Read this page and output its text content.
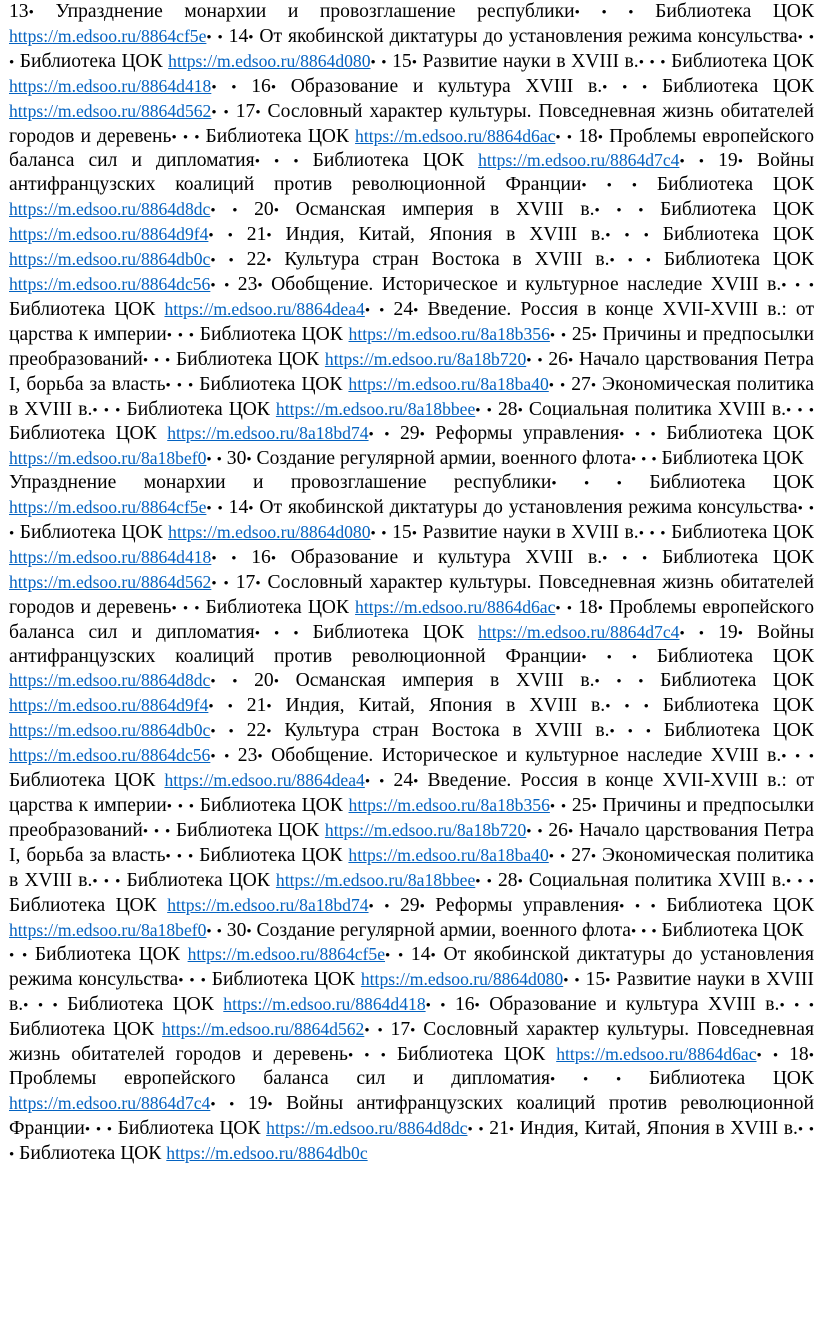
13• Упразднение монархии и провозглашение республики• • • Библиотека ЦОК https://m.edsoo.ru/8864cf5e• • 14• От якобинской диктатуры до установления режима консульства• • • Библиотека ЦОК https://m.edsoo.ru/8864d080• • 15• Развитие науки в XVIII в.• • • Библиотека ЦОК https://m.edsoo.ru/8864d418• • 16• Образование и культура XVIII в.• • • Библиотека ЦОК https://m.edsoo.ru/8864d562• • 17• Сословный характер культуры. Повседневная жизнь обитателей городов и деревень• • • Библиотека ЦОК https://m.edsoo.ru/8864d6ac• • 18• Проблемы европейского баланса сил и дипломатия• • • Библиотека ЦОК https://m.edsoo.ru/8864d7c4• • 19• Войны антифранцузских коалиций против революционной Франции• • • Библиотека ЦОК https://m.edsoo.ru/8864d8dc• • 20• Османская империя в XVIII в.• • • Библиотека ЦОК https://m.edsoo.ru/8864d9f4• • 21• Индия, Китай, Япония в XVIII в.• • • Библиотека ЦОК https://m.edsoo.ru/8864db0c• • 22• Культура стран Востока в XVIII в.• • • Библиотека ЦОК https://m.edsoo.ru/8864dc56• • 23• Обобщение. Историческое и культурное наследие XVIII в.• • • Библиотека ЦОК https://m.edsoo.ru/8864dea4• • 24• Введение. Россия в конце XVII-XVIII в.: от царства к империи• • • Библиотека ЦОК https://m.edsoo.ru/8a18b356• • 25• Причины и предпосылки преобразований• • • Библиотека ЦОК https://m.edsoo.ru/8a18b720• • 26• Начало царствования Петра I, борьба за власть• • • Библиотека ЦОК https://m.edsoo.ru/8a18ba40• • 27• Экономическая политика в XVIII в.• • • Библиотека ЦОК https://m.edsoo.ru/8a18bbee• • 28• Социальная политика XVIII в.• • • Библиотека ЦОК https://m.edsoo.ru/8a18bd74• • 29• Реформы управления• • • Библиотека ЦОК https://m.edsoo.ru/8a18bef0• • 30• Создание регулярной армии, военного флота• • • Библиотека ЦОК
Упразднение монархии и провозглашение республики• • • Библиотека ЦОК https://m.edsoo.ru/8864cf5e• • 14• От якобинской диктатуры до установления режима консульства• • • Библиотека ЦОК https://m.edsoo.ru/8864d080• • 15• Развитие науки в XVIII в.• • • Библиотека ЦОК https://m.edsoo.ru/8864d418• • 16• Образование и культура XVIII в.• • • Библиотека ЦОК https://m.edsoo.ru/8864d562• • 17• Сословный характер культуры. Повседневная жизнь обитателей городов и деревень• • • Библиотека ЦОК https://m.edsoo.ru/8864d6ac• • 18• Проблемы европейского баланса сил и дипломатия• • • Библиотека ЦОК https://m.edsoo.ru/8864d7c4• • 19• Войны антифранцузских коалиций против революционной Франции• • • Библиотека ЦОК https://m.edsoo.ru/8864d8dc• • 20• Османская империя в XVIII в.• • • Библиотека ЦОК https://m.edsoo.ru/8864d9f4• • 21• Индия, Китай, Япония в XVIII в.• • • Библиотека ЦОК https://m.edsoo.ru/8864db0c• • 22• Культура стран Востока в XVIII в.• • • Библиотека ЦОК https://m.edsoo.ru/8864dc56• • 23• Обобщение. Историческое и культурное наследие XVIII в.• • • Библиотека ЦОК https://m.edsoo.ru/8864dea4• • 24• Введение. Россия в конце XVII-XVIII в.: от царства к империи• • • Библиотека ЦОК https://m.edsoo.ru/8a18b356• • 25• Причины и предпосылки преобразований• • • Библиотека ЦОК https://m.edsoo.ru/8a18b720• • 26• Начало царствования Петра I, борьба за власть• • • Библиотека ЦОК https://m.edsoo.ru/8a18ba40• • 27• Экономическая политика в XVIII в.• • • Библиотека ЦОК https://m.edsoo.ru/8a18bbee• • 28• Социальная политика XVIII в.• • • Библиотека ЦОК https://m.edsoo.ru/8a18bd74• • 29• Реформы управления• • • Библиотека ЦОК https://m.edsoo.ru/8a18bef0• • 30• Создание регулярной армии, военного флота• • • Библиотека ЦОК
• • Библиотека ЦОК https://m.edsoo.ru/8864cf5e• • 14• От якобинской диктатуры до установления режима консульства• • • Библиотека ЦОК https://m.edsoo.ru/8864d080• • 15• Развитие науки в XVIII в.• • • Библиотека ЦОК https://m.edsoo.ru/8864d418• • 16• Образование и культура XVIII в.• • • Библиотека ЦОК https://m.edsoo.ru/8864d562• • 17• Сословный характер культуры. Повседневная жизнь обитателей городов и деревень• • • Библиотека ЦОК https://m.edsoo.ru/8864d6ac• • 18• Проблемы европейского баланса сил и дипломатия• • • Библиотека ЦОК https://m.edsoo.ru/8864d7c4• • 19• Войны антифранцузских коалиций против революционной Франции• • • Библиотека ЦОК https://m.edsoo.ru/8864d8dc• • 21• Индия, Китай, Япония в XVIII в.• • • Библиотека ЦОК https://m.edsoo.ru/8864db0c
